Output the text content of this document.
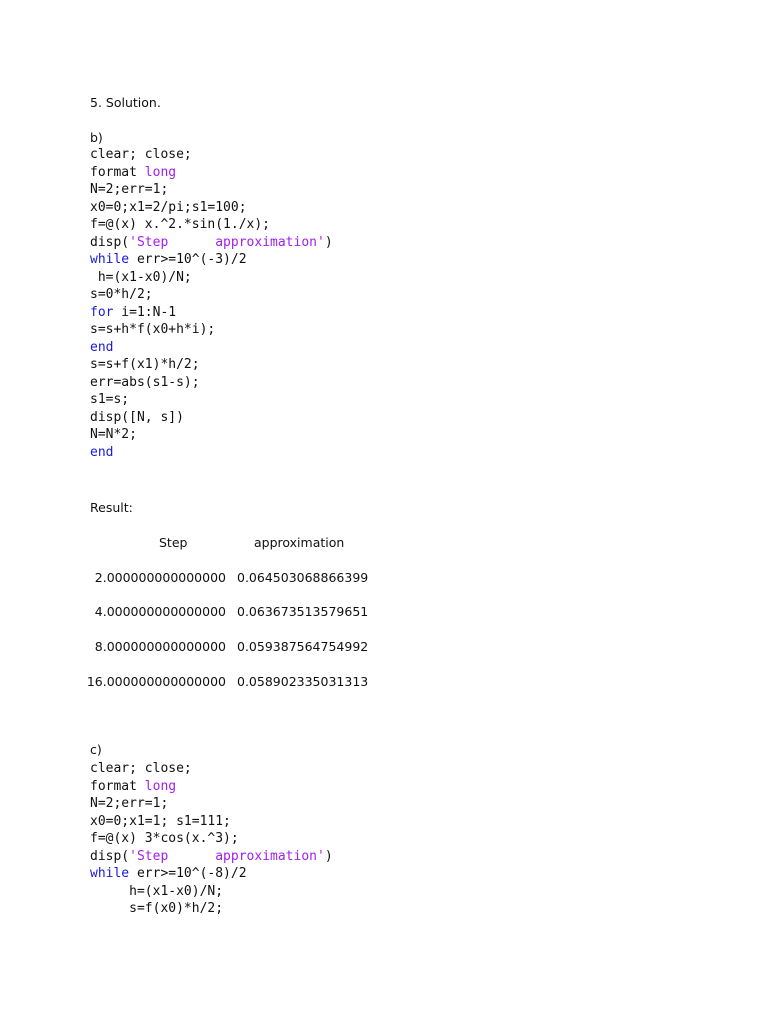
5. Solution.
b)
clear; close;
format long
N=2;err=1;
x0=0;x1=2/pi;s1=100;
f=@(x) x.^2.*sin(1./x);
disp('Step      approximation')
while err>=10^(-3)/2
h=(x1-x0)/N;
s=0*h/2;
for i=1:N-1
s=s+h*f(x0+h*i);
end
s=s+f(x1)*h/2;
err=abs(s1-s);
s1=s;
disp([N, s])
N=N*2;
end
Result:
Step	approximation
2.000000000000000 0.064503068866399
4.000000000000000 0.063673513579651
8.000000000000000 0.059387564754992
16.000000000000000 0.058902335031313
c)
clear; close;
format long
N=2;err=1;
x0=0;x1=1; s1=111;
f=@(x) 3*cos(x.^3);
disp('Step      approximation')
while err>=10^(-8)/2
h=(x1-x0)/N;
s=f(x0)*h/2;
